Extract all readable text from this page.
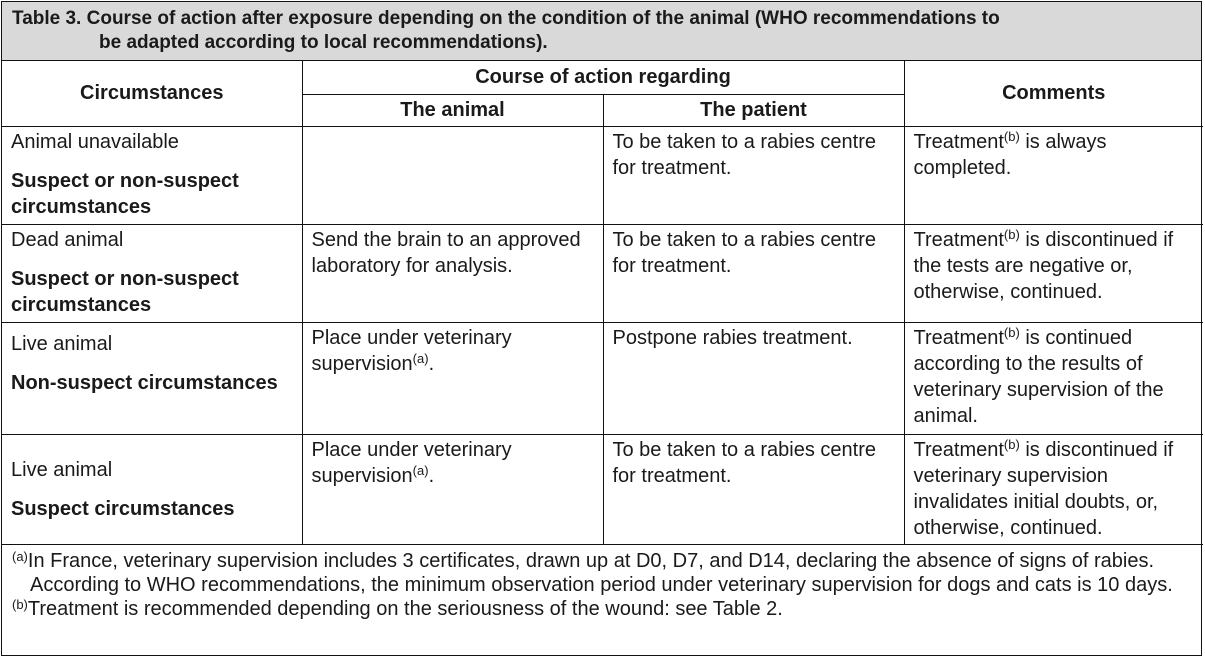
Table 3. Course of action after exposure depending on the condition of the animal (WHO recommendations to
be adapted according to local recommendations).
Circumstances	Course of action regarding		Comments
	The animal	The patient	
Animal unavailable
Suspect or non-suspect circumstances		To be taken to a rabies centre for treatment.	Treatment$^{(b)}$ is always completed.
Dead animal
Suspect or non-suspect circumstances	Send the brain to an approved laboratory for analysis.	To be taken to a rabies centre for treatment.	Treatment$^{(b)}$ is discontinued if the tests are negative or, otherwise, continued.
Live animal
Non-suspect circumstances	Place under veterinary supervision$^{(a)}$.	Postpone rabies treatment.	Treatment$^{(b)}$ is continued according to the results of veterinary supervision of the animal.
Live animal
Suspect circumstances	Place under veterinary supervision$^{(a)}$.	To be taken to a rabies centre for treatment.	Treatment$^{(b)}$ is discontinued if veterinary supervision invalidates initial doubts, or, otherwise, continued.
$^{(a)}$In France, veterinary supervision includes 3 certificates, drawn up at D0, D7, and D14, declaring the absence of signs of rabies. According to WHO recommendations, the minimum observation period under veterinary supervision for dogs and cats is 10 days.
$^{(b)}$Treatment is recommended depending on the seriousness of the wound: see Table 2.
